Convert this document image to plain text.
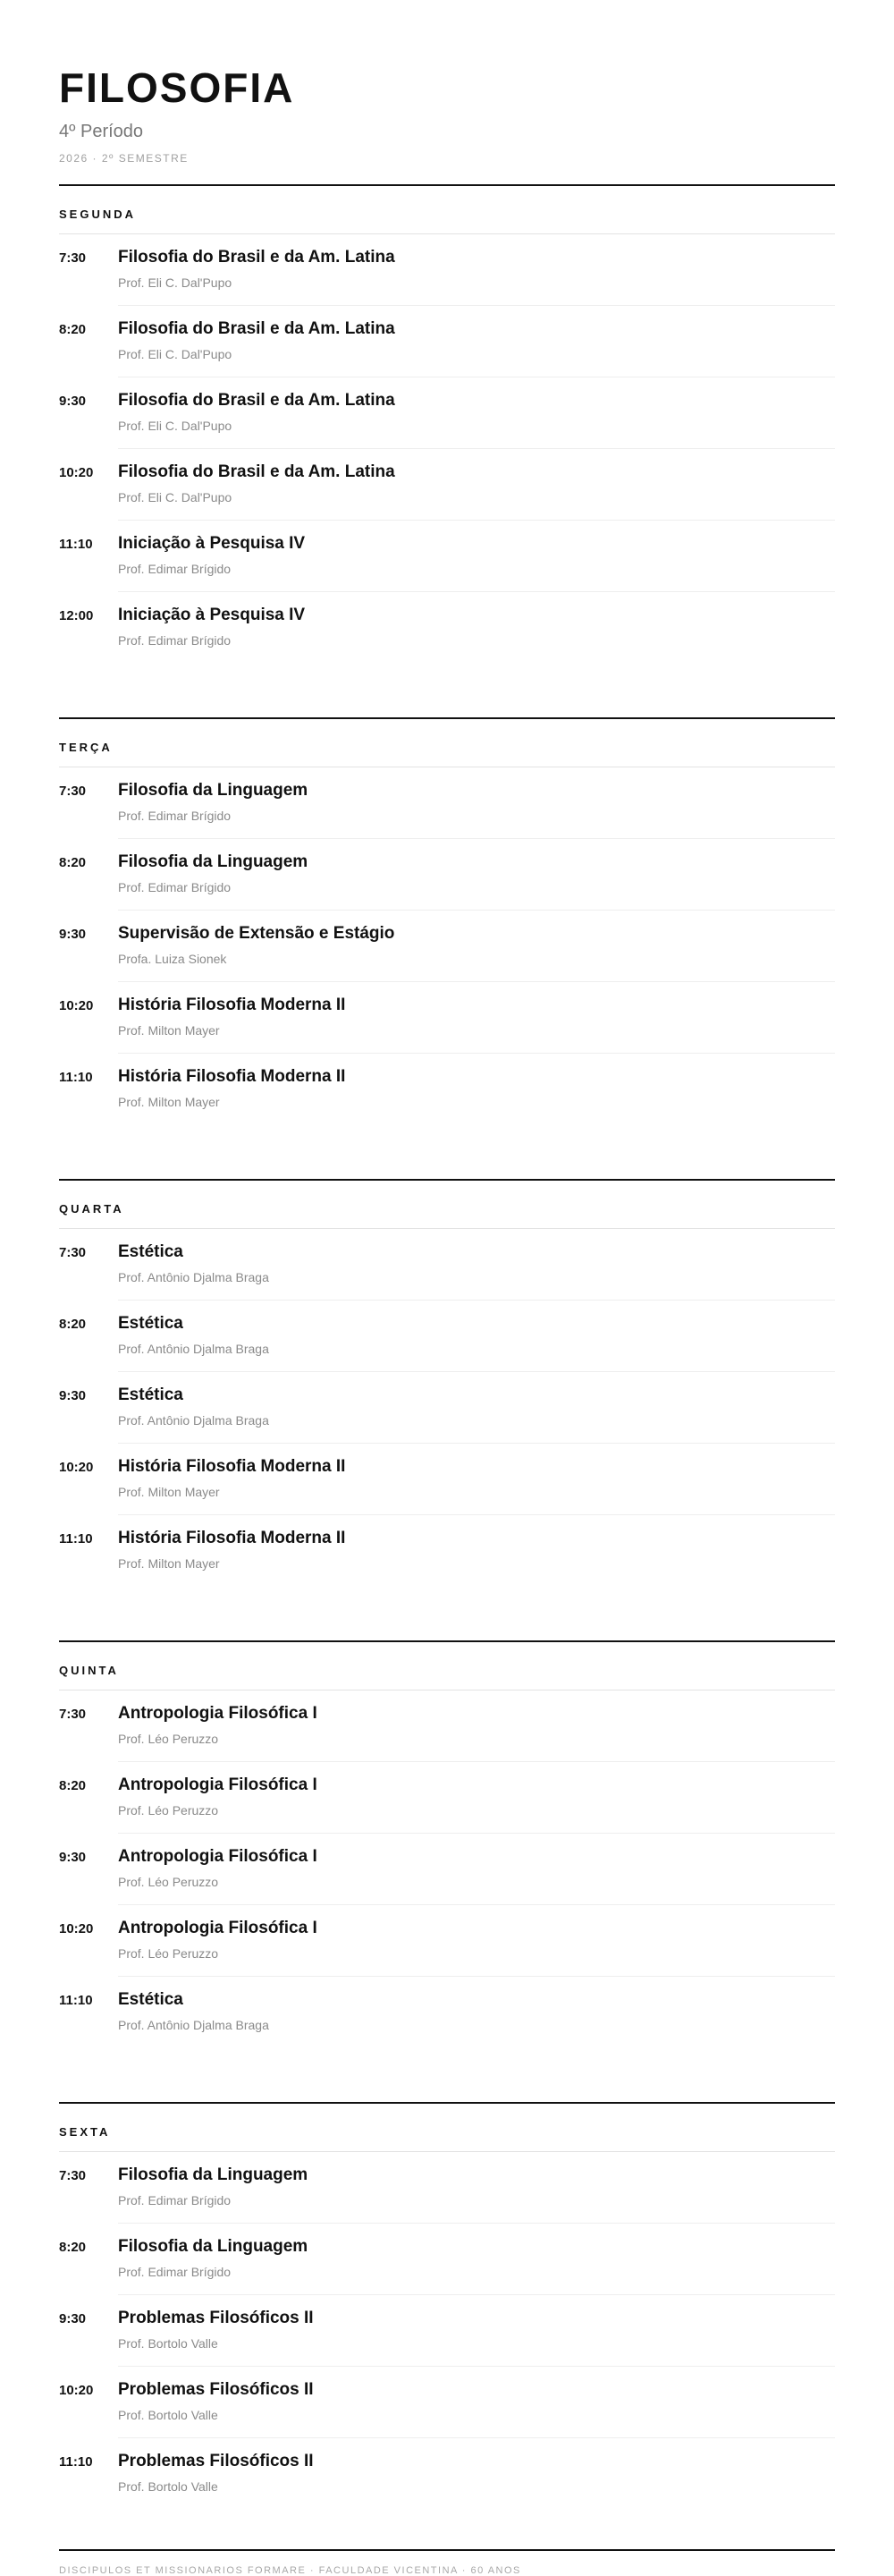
FILOSOFIA
4º Período
2026 · 2º SEMESTRE
SEGUNDA
7:30	Filosofia do Brasil e da Am. Latina
Prof. Eli C. Dal'Pupo
8:20	Filosofia do Brasil e da Am. Latina
Prof. Eli C. Dal'Pupo
9:30	Filosofia do Brasil e da Am. Latina
Prof. Eli C. Dal'Pupo
10:20	Filosofia do Brasil e da Am. Latina
Prof. Eli C. Dal'Pupo
11:10	Iniciação à Pesquisa IV
Prof. Edimar Brígido
12:00	Iniciação à Pesquisa IV
Prof. Edimar Brígido
TERÇA
7:30	Filosofia da Linguagem
Prof. Edimar Brígido
8:20	Filosofia da Linguagem
Prof. Edimar Brígido
9:30	Supervisão de Extensão e Estágio
Profa. Luiza Sionek
10:20	História Filosofia Moderna II
Prof. Milton Mayer
11:10	História Filosofia Moderna II
Prof. Milton Mayer
QUARTA
7:30	Estética
Prof. Antônio Djalma Braga
8:20	Estética
Prof. Antônio Djalma Braga
9:30	Estética
Prof. Antônio Djalma Braga
10:20	História Filosofia Moderna II
Prof. Milton Mayer
11:10	História Filosofia Moderna II
Prof. Milton Mayer
QUINTA
7:30	Antropologia Filosófica I
Prof. Léo Peruzzo
8:20	Antropologia Filosófica I
Prof. Léo Peruzzo
9:30	Antropologia Filosófica I
Prof. Léo Peruzzo
10:20	Antropologia Filosófica I
Prof. Léo Peruzzo
11:10	Estética
Prof. Antônio Djalma Braga
SEXTA
7:30	Filosofia da Linguagem
Prof. Edimar Brígido
8:20	Filosofia da Linguagem
Prof. Edimar Brígido
9:30	Problemas Filosóficos II
Prof. Bortolo Valle
10:20	Problemas Filosóficos II
Prof. Bortolo Valle
11:10	Problemas Filosóficos II
Prof. Bortolo Valle
DISCIPULOS ET MISSIONARIOS FORMARE · FACULDADE VICENTINA · 60 ANOS
